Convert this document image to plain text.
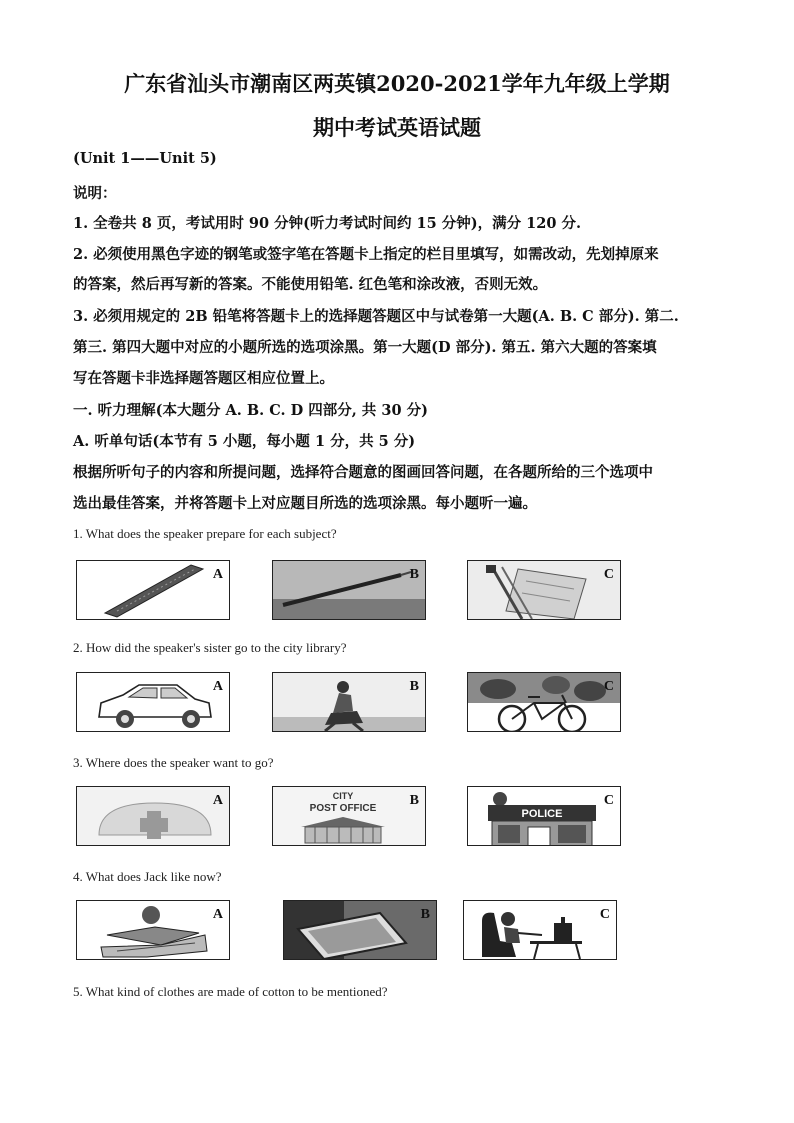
广东省汕头市潮南区两英镇2020-2021学年九年级上学期
期中考试英语试题
(Unit 1——Unit 5)
说明：
1. 全卷共 8 页，考试用时 90 分钟(听力考试时间约 15 分钟)，满分 120 分.
2. 必须使用黑色字迹的钢笔或签字笔在答题卡上指定的栏目里填写，如需改动，先划掉原来
的答案，然后再写新的答案。不能使用铅笔. 红色笔和涂改液，否则无效。
3. 必须用规定的 2B 铅笔将答题卡上的选择题答题区中与试卷第一大题(A. B. C 部分). 第二.
第三. 第四大题中对应的小题所选的选项涂黑。第一大题(D 部分). 第五. 第六大题的答案填
写在答题卡非选择题答题区相应位置上。
一. 听力理解(本大题分 A. B. C. D 四部分, 共 30 分)
A. 听单句话(本节有 5 小题，每小题 1 分，共 5 分)
根据所听句子的内容和所提问题，选择符合题意的图画回答问题，在各题所给的三个选项中
选出最佳答案，并将答题卡上对应题目所选的选项涂黑。每小题听一遍。
1. What does the speaker prepare for each subject?
A	B	C
2. How did the speaker's sister go to the city library?
A	B	C
3. Where does the speaker want to go?
A	CITY
POST OFFICE
B
POLICE
C
4. What does Jack like now?
A	B	C
5. What kind of clothes are made of cotton to be mentioned?
